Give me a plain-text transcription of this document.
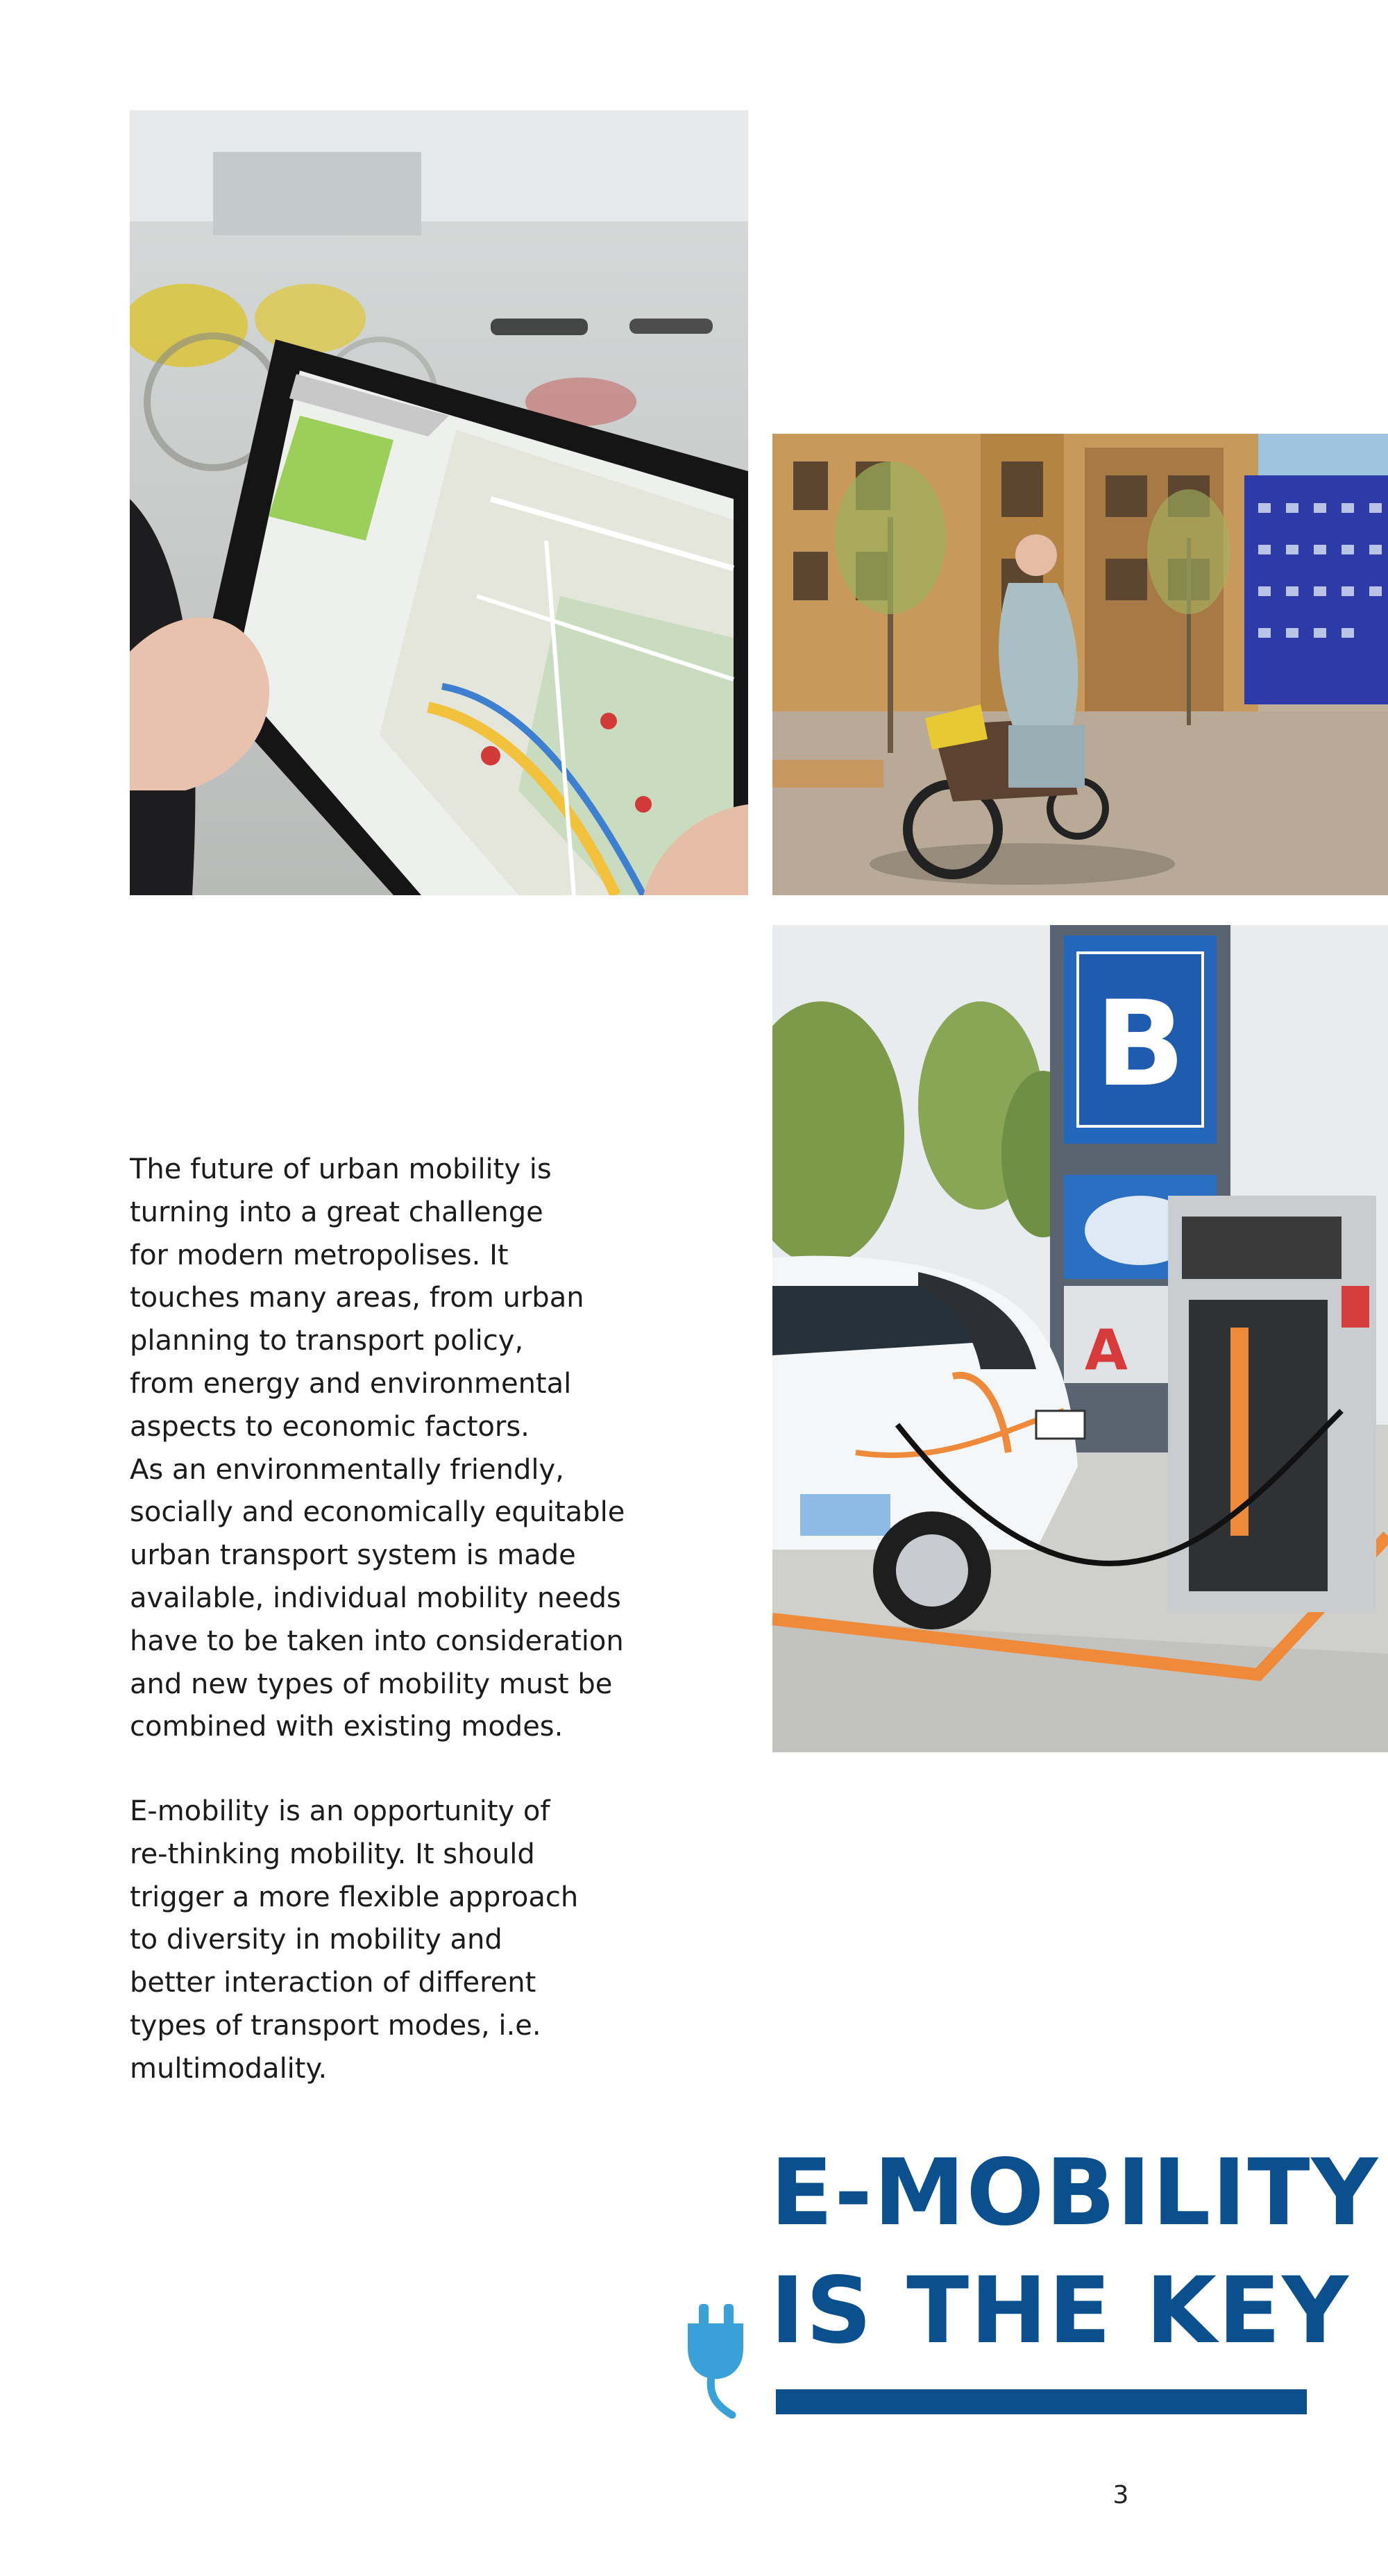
B
A
The future of urban mobility is
turning into a great challenge
for modern metropolises. It
touches many areas, from urban
planning to transport policy,
from energy and environmental
aspects to economic factors.
As an environmentally friendly,
socially and economically equitable
urban transport system is made
available, individual mobility needs
have to be taken into consideration
and new types of mobility must be
combined with existing modes.
E-mobility is an opportunity of
re-thinking mobility. It should
trigger a more flexible approach
to diversity in mobility and
better interaction of different
types of transport modes, i.e.
multimodality.
E-MOBILITY
IS THE KEY
3
